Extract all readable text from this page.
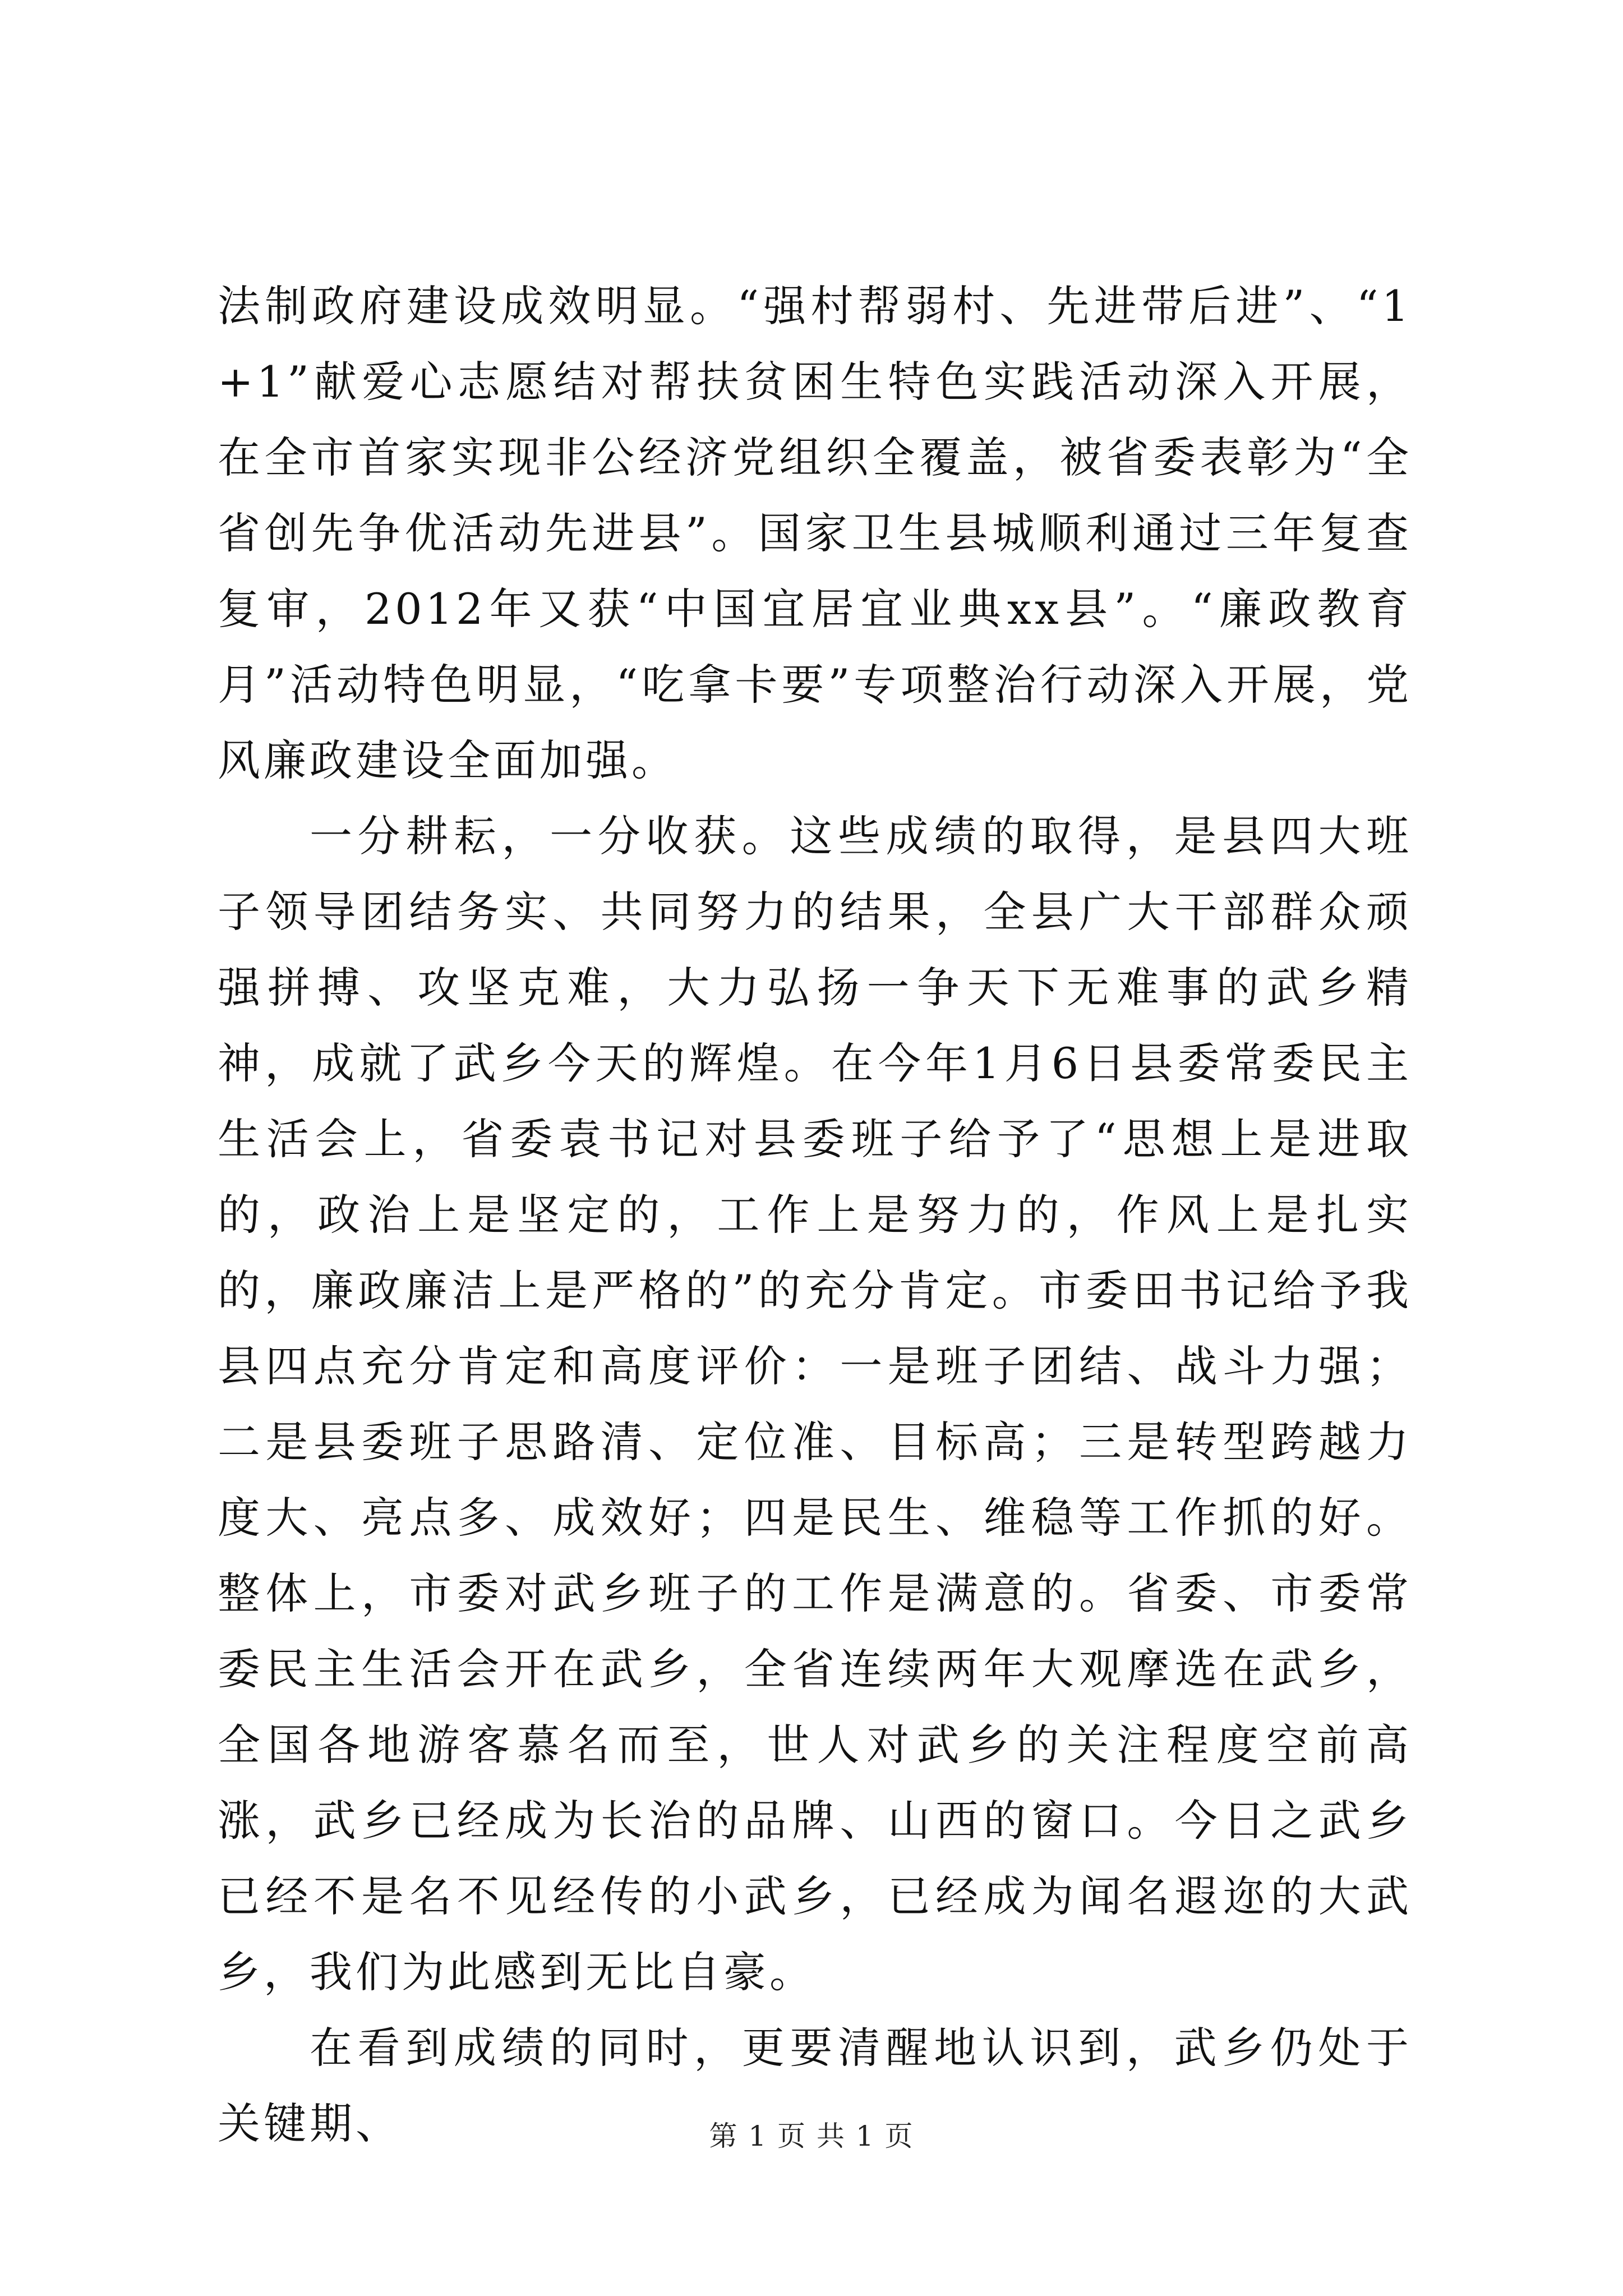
法制政府建设成效明显。“强村帮弱村、先进带后进”、“1+1”献爱心志愿结对帮扶贫困生特色实践活动深入开展，在全市首家实现非公经济党组织全覆盖，被省委表彰为“全省创先争优活动先进县”。国家卫生县城顺利通过三年复查复审，2012年又获“中国宜居宜业典xx县”。“廉政教育月”活动特色明显，“吃拿卡要”专项整治行动深入开展，党风廉政建设全面加强。

一分耕耘，一分收获。这些成绩的取得，是县四大班子领导团结务实、共同努力的结果，全县广大干部群众顽强拼搏、攻坚克难，大力弘扬一争天下无难事的武乡精神，成就了武乡今天的辉煌。在今年1月6日县委常委民主生活会上，省委袁书记对县委班子给予了“思想上是进取的，政治上是坚定的，工作上是努力的，作风上是扎实的，廉政廉洁上是严格的”的充分肯定。市委田书记给予我县四点充分肯定和高度评价：一是班子团结、战斗力强；二是县委班子思路清、定位准、目标高；三是转型跨越力度大、亮点多、成效好；四是民生、维稳等工作抓的好。整体上，市委对武乡班子的工作是满意的。省委、市委常委民主生活会开在武乡，全省连续两年大观摩选在武乡，全国各地游客慕名而至，世人对武乡的关注程度空前高涨，武乡已经成为长治的品牌、山西的窗口。今日之武乡已经不是名不见经传的小武乡，已经成为闻名遐迩的大武乡，我们为此感到无比自豪。

在看到成绩的同时，更要清醒地认识到，武乡仍处于关键期、	第 1 页 共 1 页
